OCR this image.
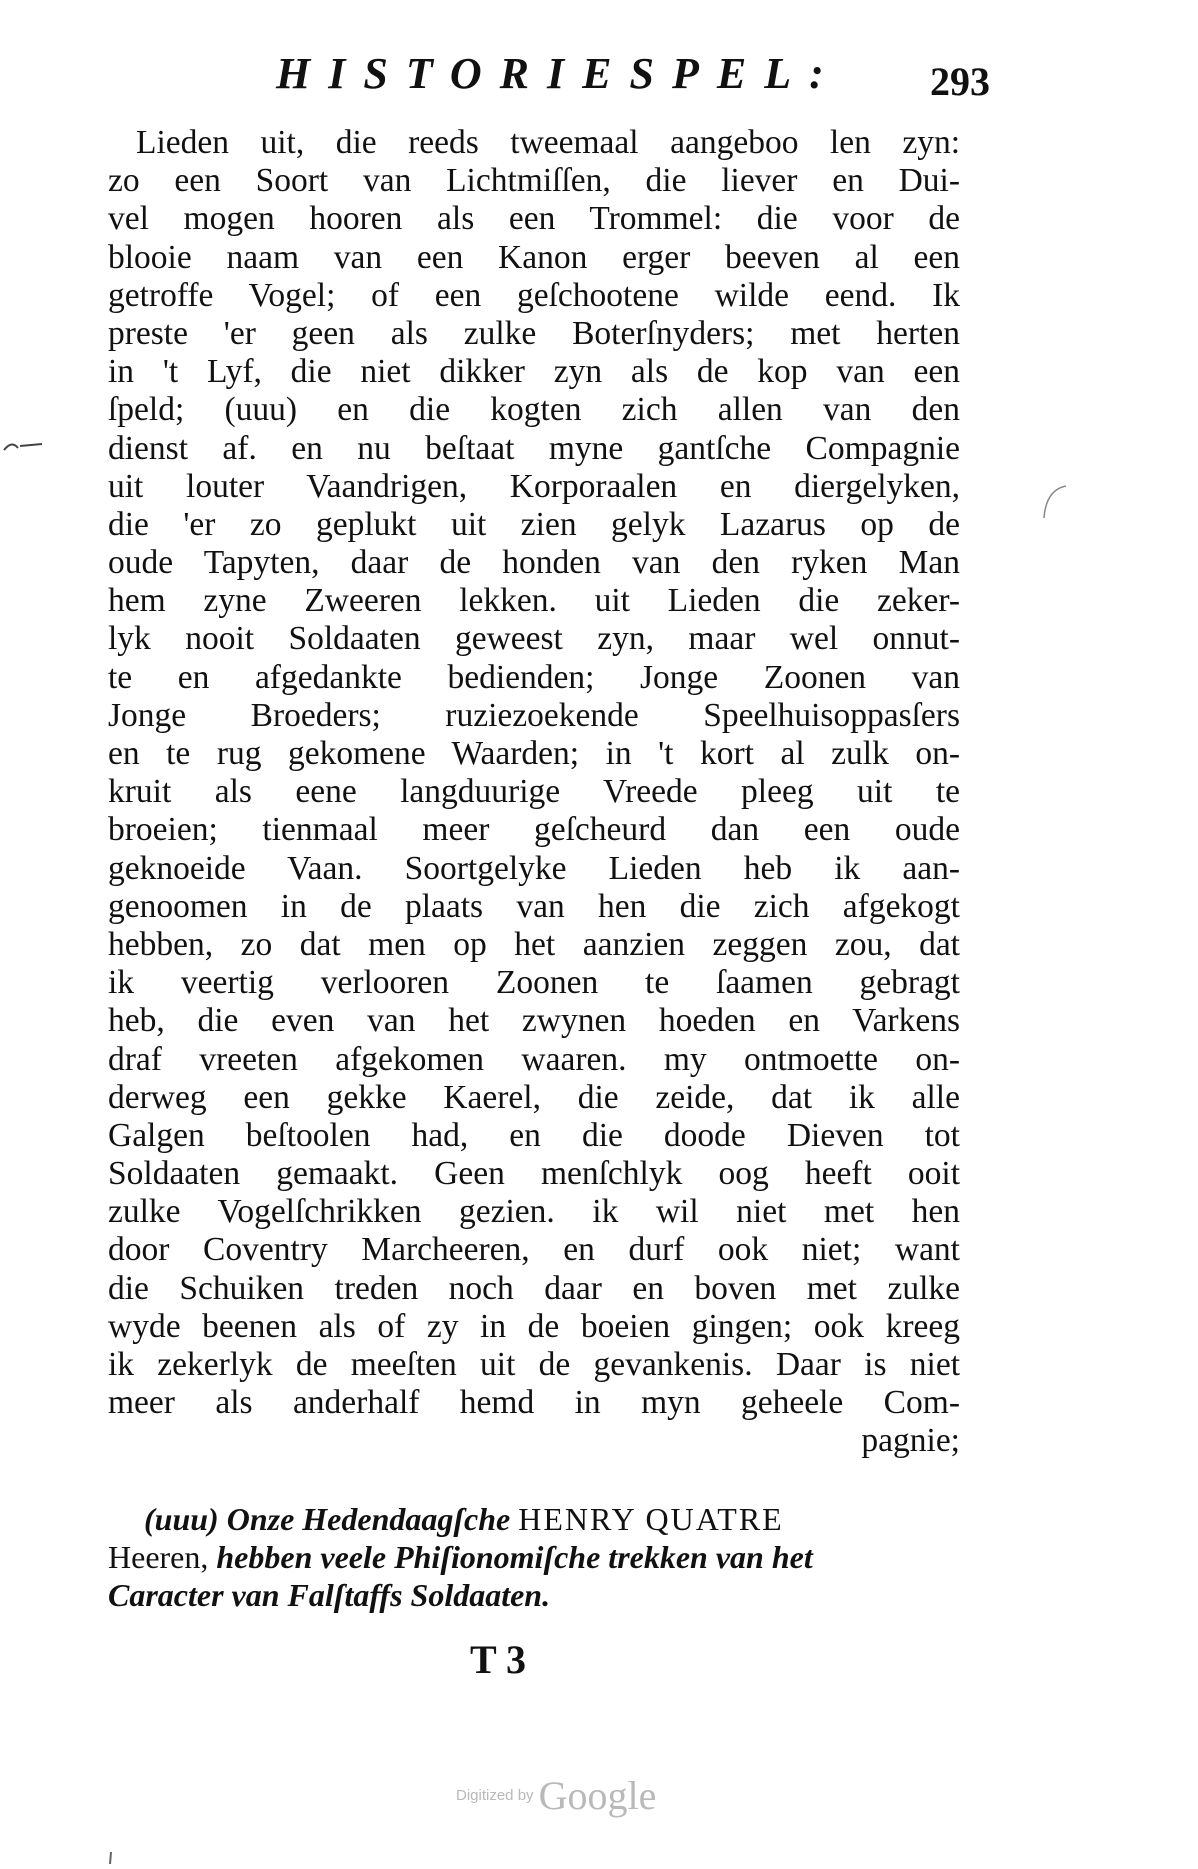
HISTORIESPEL: 293
Lieden uit, die reeds tweemaal aangeboo len zyn:
zo een Soort van Lichtmiſſen, die liever en Dui-
vel mogen hooren als een Trommel: die voor de
blooie naam van een Kanon erger beeven al een
getroffe Vogel; of een geſchootene wilde eend. Ik
preste 'er geen als zulke Boterſnyders; met herten
in 't Lyf, die niet dikker zyn als de kop van een
ſpeld; (uuu) en die kogten zich allen van den
dienst af. en nu beſtaat myne gantſche Compagnie
uit louter Vaandrigen, Korporaalen en diergelyken,
die 'er zo geplukt uit zien gelyk Lazarus op de
oude Tapyten, daar de honden van den ryken Man
hem zyne Zweeren lekken. uit Lieden die zeker-
lyk nooit Soldaaten geweest zyn, maar wel onnut-
te en afgedankte bedienden; Jonge Zoonen van
Jonge Broeders; ruziezoekende Speelhuisoppasſers
en te rug gekomene Waarden; in 't kort al zulk on-
kruit als eene langduurige Vreede pleeg uit te
broeien; tienmaal meer geſcheurd dan een oude
geknoeide Vaan. Soortgelyke Lieden heb ik aan-
genoomen in de plaats van hen die zich afgekogt
hebben, zo dat men op het aanzien zeggen zou, dat
ik veertig verlooren Zoonen te ſaamen gebragt
heb, die even van het zwynen hoeden en Varkens
draf vreeten afgekomen waaren. my ontmoette on-
derweg een gekke Kaerel, die zeide, dat ik alle
Galgen beſtoolen had, en die doode Dieven tot
Soldaaten gemaakt. Geen menſchlyk oog heeft ooit
zulke Vogelſchrikken gezien. ik wil niet met hen
door Coventry Marcheeren, en durf ook niet; want
die Schuiken treden noch daar en boven met zulke
wyde beenen als of zy in de boeien gingen; ook kreeg
ik zekerlyk de meeſten uit de gevankenis. Daar is niet
meer als anderhalf hemd in myn geheele Com-
pagnie;
(uuu) Onze Hedendaagſche HENRY QUATRE
Heeren, hebben veele Phiſionomiſche trekken van het
Caracter van Falſtaffs Soldaaten.
T 3
Digitized by Google
